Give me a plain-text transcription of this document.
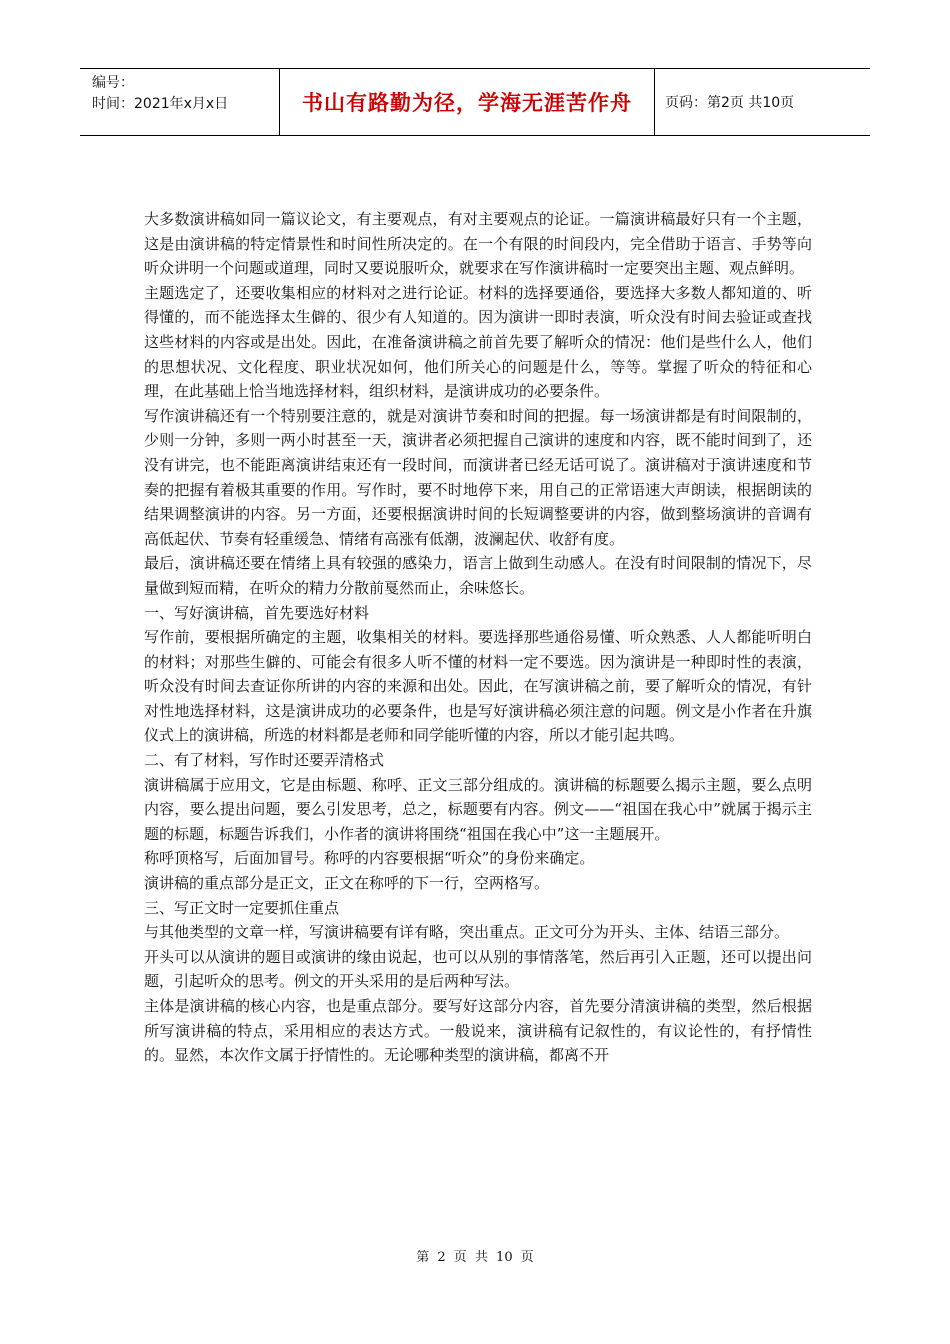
编号：
时间：2021年x月x日	书山有路勤为径，学海无涯苦作舟	页码：第2页 共10页

大多数演讲稿如同一篇议论文，有主要观点，有对主要观点的论证。一篇演讲稿最好只有一个主题，这是由演讲稿的特定情景性和时间性所决定的。在一个有限的时间段内，完全借助于语言、手势等向听众讲明一个问题或道理，同时又要说服听众，就要求在写作演讲稿时一定要突出主题、观点鲜明。

主题选定了，还要收集相应的材料对之进行论证。材料的选择要通俗，要选择大多数人都知道的、听得懂的，而不能选择太生僻的、很少有人知道的。因为演讲一即时表演，听众没有时间去验证或查找这些材料的内容或是出处。因此，在准备演讲稿之前首先要了解听众的情况：他们是些什么人，他们的思想状况、文化程度、职业状况如何，他们所关心的问题是什么，等等。掌握了听众的特征和心理，在此基础上恰当地选择材料，组织材料，是演讲成功的必要条件。

写作演讲稿还有一个特别要注意的，就是对演讲节奏和时间的把握。每一场演讲都是有时间限制的，少则一分钟，多则一两小时甚至一天，演讲者必须把握自己演讲的速度和内容，既不能时间到了，还没有讲完，也不能距离演讲结束还有一段时间，而演讲者已经无话可说了。演讲稿对于演讲速度和节奏的把握有着极其重要的作用。写作时，要不时地停下来，用自己的正常语速大声朗读，根据朗读的结果调整演讲的内容。另一方面，还要根据演讲时间的长短调整要讲的内容，做到整场演讲的音调有高低起伏、节奏有轻重缓急、情绪有高涨有低潮，波澜起伏、收舒有度。

最后，演讲稿还要在情绪上具有较强的感染力，语言上做到生动感人。在没有时间限制的情况下，尽量做到短而精，在听众的精力分散前戛然而止，余味悠长。

一、写好演讲稿，首先要选好材料

写作前，要根据所确定的主题，收集相关的材料。要选择那些通俗易懂、听众熟悉、人人都能听明白的材料；对那些生僻的、可能会有很多人听不懂的材料一定不要选。因为演讲是一种即时性的表演，听众没有时间去查证你所讲的内容的来源和出处。因此，在写演讲稿之前，要了解听众的情况，有针对性地选择材料，这是演讲成功的必要条件，也是写好演讲稿必须注意的问题。例文是小作者在升旗仪式上的演讲稿，所选的材料都是老师和同学能听懂的内容，所以才能引起共鸣。

二、有了材料，写作时还要弄清格式

演讲稿属于应用文，它是由标题、称呼、正文三部分组成的。演讲稿的标题要么揭示主题，要么点明内容，要么提出问题，要么引发思考，总之，标题要有内容。例文——“祖国在我心中”就属于揭示主题的标题，标题告诉我们，小作者的演讲将围绕“祖国在我心中”这一主题展开。

称呼顶格写，后面加冒号。称呼的内容要根据“听众”的身份来确定。

演讲稿的重点部分是正文，正文在称呼的下一行，空两格写。

三、写正文时一定要抓住重点

与其他类型的文章一样，写演讲稿要有详有略，突出重点。正文可分为开头、主体、结语三部分。

开头可以从演讲的题目或演讲的缘由说起，也可以从别的事情落笔，然后再引入正题，还可以提出问题，引起听众的思考。例文的开头采用的是后两种写法。

主体是演讲稿的核心内容，也是重点部分。要写好这部分内容，首先要分清演讲稿的类型，然后根据所写演讲稿的特点，采用相应的表达方式。一般说来，演讲稿有记叙性的，有议论性的，有抒情性的。显然，本次作文属于抒情性的。无论哪种类型的演讲稿，都离不开

第 2 页 共 10 页
